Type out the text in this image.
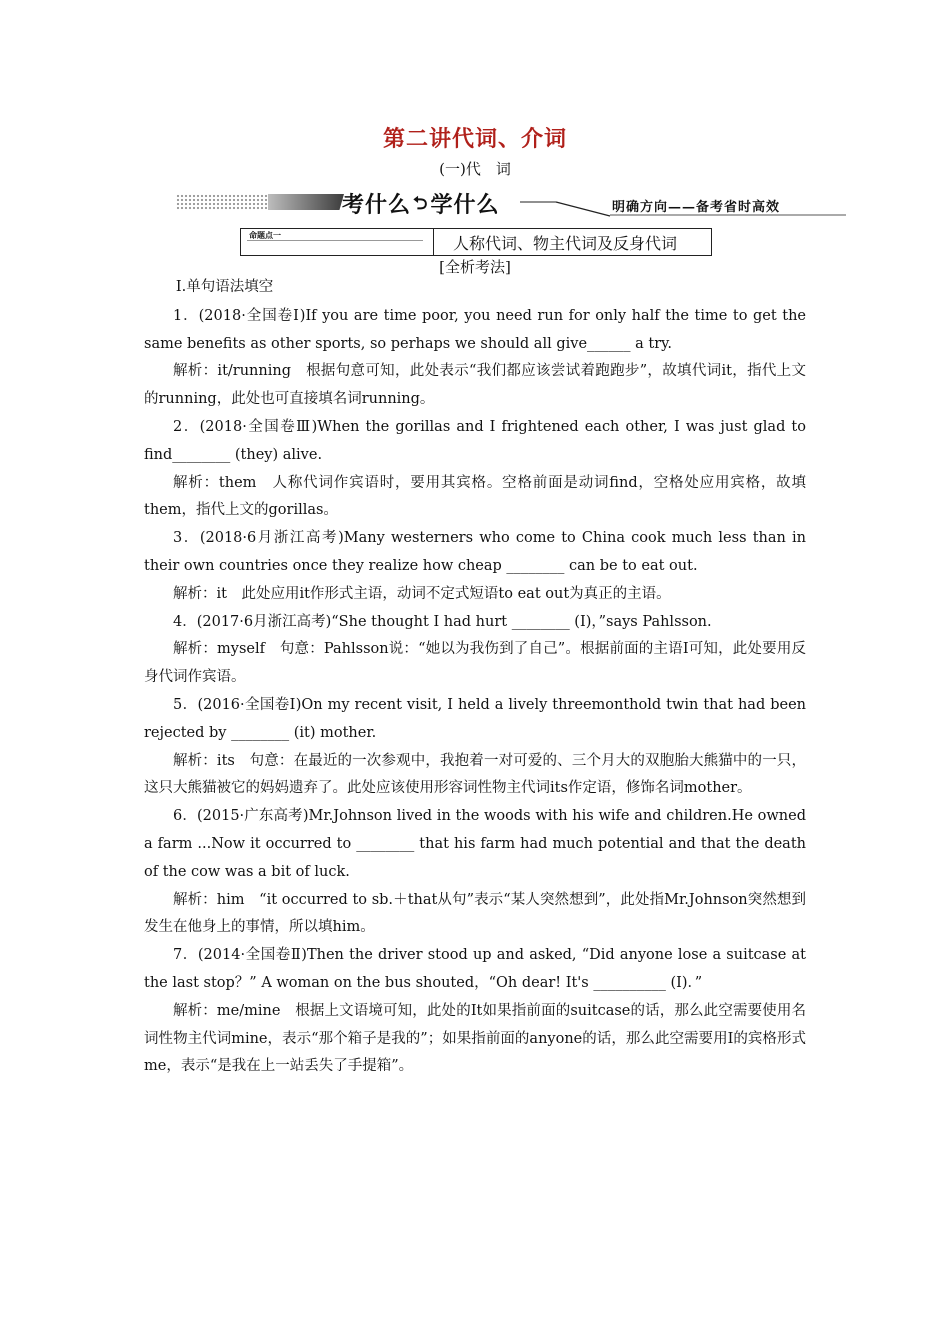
第二讲代词、介词
(一)代　词
考什么 ⮌学什么	明确方向——备考省时高效
命题点一	人称代词、物主代词及反身代词
[全析考法]

Ⅰ.单句语法填空

1．(2018·全国卷Ⅰ)If you are time poor, you need run for only half the time to get the same benefits as other sports, so perhaps we should all give______ a try.

解析：it/running　根据句意可知，此处表示“我们都应该尝试着跑跑步”，故填代词it，指代上文的running，此处也可直接填名词running。

2．(2018·全国卷Ⅲ)When the gorillas and I frightened each other, I was just glad to find________ (they) alive.

解析：them　人称代词作宾语时，要用其宾格。空格前面是动词find，空格处应用宾格，故填them，指代上文的gorillas。

3．(2018·6月浙江高考)Many westerners who come to China cook much less than in their own countries once they realize how cheap ________ can be to eat out.

解析：it　此处应用it作形式主语，动词不定式短语to eat out为真正的主语。

4．(2017·6月浙江高考)“She thought I had hurt ________ (I)，”says Pahlsson.

解析：myself　句意：Pahlsson说：“她以为我伤到了自己”。根据前面的主语I可知，此处要用反身代词作宾语。

5．(2016·全国卷Ⅰ)On my recent visit, I held a lively threemonthold twin that had been rejected by ________ (it) mother.

解析：its　句意：在最近的一次参观中，我抱着一对可爱的、三个月大的双胞胎大熊猫中的一只，这只大熊猫被它的妈妈遗弃了。此处应该使用形容词性物主代词its作定语，修饰名词mother。

6．(2015·广东高考)Mr.Johnson lived in the woods with his wife and children.He owned a farm ...Now it occurred to ________ that his farm had much potential and that the death of the cow was a bit of luck.

解析：him　“it occurred to sb.＋that从句”表示“某人突然想到”，此处指Mr.Johnson突然想到发生在他身上的事情，所以填him。

7．(2014·全国卷Ⅱ)Then the driver stood up and asked, “Did anyone lose a suitcase at the last stop？” A woman on the bus shouted，“Oh dear! It's __________ (I)．”

解析：me/mine　根据上文语境可知，此处的It如果指前面的suitcase的话，那么此空需要使用名词性物主代词mine，表示“那个箱子是我的”；如果指前面的anyone的话，那么此空需要用I的宾格形式me，表示“是我在上一站丢失了手提箱”。
